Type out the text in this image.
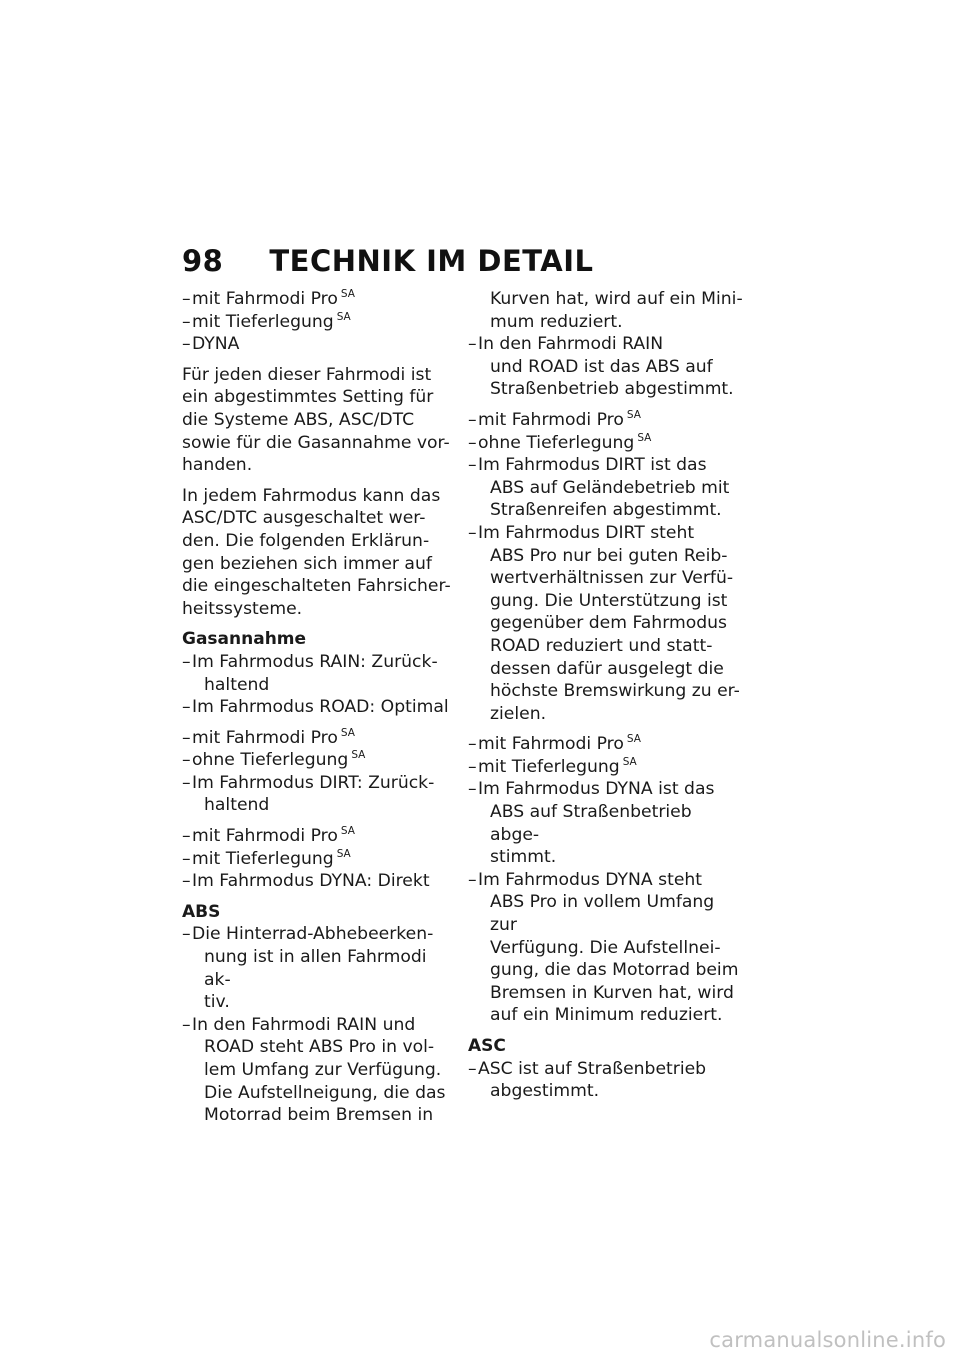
98 TECHNIK IM DETAIL
– mit Fahrmodi Pro $^{SA}$
– mit Tieferlegung $^{SA}$
– DYNA
Für jeden dieser Fahrmodi ist
ein abgestimmtes Setting für
die Systeme ABS, ASC/DTC
sowie für die Gasannahme vor-
handen.
In jedem Fahrmodus kann das
ASC/DTC ausgeschaltet wer-
den. Die folgenden Erklärun-
gen beziehen sich immer auf
die eingeschalteten Fahrsicher-
heitssysteme.
Gasannahme
– Im Fahrmodus RAIN: Zurück-
haltend
– Im Fahrmodus ROAD: Optimal
– mit Fahrmodi Pro $^{SA}$
– ohne Tieferlegung $^{SA}$
– Im Fahrmodus DIRT: Zurück-
haltend
– mit Fahrmodi Pro $^{SA}$
– mit Tieferlegung $^{SA}$
– Im Fahrmodus DYNA: Direkt
ABS
– Die Hinterrad-Abhebeerken-
nung ist in allen Fahrmodi ak-
tiv.
– In den Fahrmodi RAIN und
ROAD steht ABS Pro in vol-
lem Umfang zur Verfügung.
Die Aufstellneigung, die das
Motorrad beim Bremsen in
Kurven hat, wird auf ein Mini-
mum reduziert.
– In den Fahrmodi RAIN
und ROAD ist das ABS auf
Straßenbetrieb abgestimmt.
– mit Fahrmodi Pro $^{SA}$
– ohne Tieferlegung $^{SA}$
– Im Fahrmodus DIRT ist das
ABS auf Geländebetrieb mit
Straßenreifen abgestimmt.
– Im Fahrmodus DIRT steht
ABS Pro nur bei guten Reib-
wertverhältnissen zur Verfü-
gung. Die Unterstützung ist
gegenüber dem Fahrmodus
ROAD reduziert und statt-
dessen dafür ausgelegt die
höchste Bremswirkung zu er-
zielen.
– mit Fahrmodi Pro $^{SA}$
– mit Tieferlegung $^{SA}$
– Im Fahrmodus DYNA ist das
ABS auf Straßenbetrieb abge-
stimmt.
– Im Fahrmodus DYNA steht
ABS Pro in vollem Umfang zur
Verfügung. Die Aufstellnei-
gung, die das Motorrad beim
Bremsen in Kurven hat, wird
auf ein Minimum reduziert.
ASC
– ASC ist auf Straßenbetrieb
abgestimmt.
carmanualsonline.info
